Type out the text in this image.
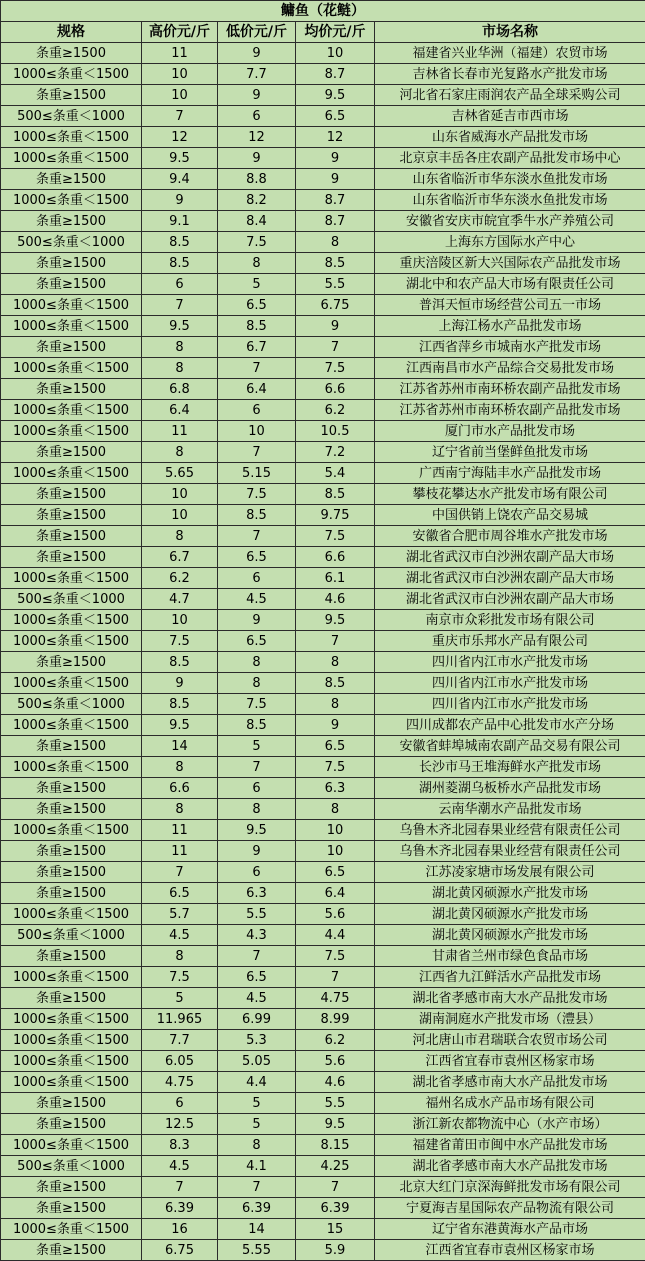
鳙鱼（花鲢）				
规格	高价元/斤	低价元/斤	均价元/斤	市场名称
条重≥1500	11	9	10	福建省兴业华洲（福建）农贸市场
1000≤条重＜1500	10	7.7	8.7	吉林省长春市光复路水产批发市场
条重≥1500	10	9	9.5	河北省石家庄雨润农产品全球采购公司
500≤条重＜1000	7	6	6.5	吉林省延吉市西市场
1000≤条重＜1500	12	12	12	山东省威海水产品批发市场
1000≤条重＜1500	9.5	9	9	北京京丰岳各庄农副产品批发市场中心
条重≥1500	9.4	8.8	9	山东省临沂市华东淡水鱼批发市场
1000≤条重＜1500	9	8.2	8.7	山东省临沂市华东淡水鱼批发市场
条重≥1500	9.1	8.4	8.7	安徽省安庆市皖宜季牛水产养殖公司
500≤条重＜1000	8.5	7.5	8	上海东方国际水产中心
条重≥1500	8.5	8	8.5	重庆涪陵区新大兴国际农产品批发市场
条重≥1500	6	5	5.5	湖北中和农产品大市场有限责任公司
1000≤条重＜1500	7	6.5	6.75	普洱天恒市场经营公司五一市场
1000≤条重＜1500	9.5	8.5	9	上海江杨水产品批发市场
条重≥1500	8	6.7	7	江西省萍乡市城南水产批发市场
1000≤条重＜1500	8	7	7.5	江西南昌市水产品综合交易批发市场
条重≥1500	6.8	6.4	6.6	江苏省苏州市南环桥农副产品批发市场
1000≤条重＜1500	6.4	6	6.2	江苏省苏州市南环桥农副产品批发市场
1000≤条重＜1500	11	10	10.5	厦门市水产品批发市场
条重≥1500	8	7	7.2	辽宁省前当堡鲜鱼批发市场
1000≤条重＜1500	5.65	5.15	5.4	广西南宁海陆丰水产品批发市场
条重≥1500	10	7.5	8.5	攀枝花攀达水产批发市场有限公司
条重≥1500	10	8.5	9.75	中国供销上饶农产品交易城
条重≥1500	8	7	7.5	安徽省合肥市周谷堆水产批发市场
条重≥1500	6.7	6.5	6.6	湖北省武汉市白沙洲农副产品大市场
1000≤条重＜1500	6.2	6	6.1	湖北省武汉市白沙洲农副产品大市场
500≤条重＜1000	4.7	4.5	4.6	湖北省武汉市白沙洲农副产品大市场
1000≤条重＜1500	10	9	9.5	南京市众彩批发市场有限公司
1000≤条重＜1500	7.5	6.5	7	重庆市乐邦水产品有限公司
条重≥1500	8.5	8	8	四川省内江市水产批发市场
1000≤条重＜1500	9	8	8.5	四川省内江市水产批发市场
500≤条重＜1000	8.5	7.5	8	四川省内江市水产批发市场
1000≤条重＜1500	9.5	8.5	9	四川成都农产品中心批发市水产分场
条重≥1500	14	5	6.5	安徽省蚌埠城南农副产品交易有限公司
1000≤条重＜1500	8	7	7.5	长沙市马王堆海鲜水产批发市场
条重≥1500	6.6	6	6.3	湖州菱湖乌板桥水产品批发市场
条重≥1500	8	8	8	云南华潮水产品批发市场
1000≤条重＜1500	11	9.5	10	乌鲁木齐北园春果业经营有限责任公司
条重≥1500	11	9	10	乌鲁木齐北园春果业经营有限责任公司
条重≥1500	7	6	6.5	江苏凌家塘市场发展有限公司
条重≥1500	6.5	6.3	6.4	湖北黄冈硕源水产批发市场
1000≤条重＜1500	5.7	5.5	5.6	湖北黄冈硕源水产批发市场
500≤条重＜1000	4.5	4.3	4.4	湖北黄冈硕源水产批发市场
条重≥1500	8	7	7.5	甘肃省兰州市绿色食品市场
1000≤条重＜1500	7.5	6.5	7	江西省九江鲜活水产品批发市场
条重≥1500	5	4.5	4.75	湖北省孝感市南大水产品批发市场
1000≤条重＜1500	11.965	6.99	8.99	湖南洞庭水产批发市场（澧县）
1000≤条重＜1500	7.7	5.3	6.2	河北唐山市君瑞联合农贸市场公司
1000≤条重＜1500	6.05	5.05	5.6	江西省宜春市袁州区杨家市场
1000≤条重＜1500	4.75	4.4	4.6	湖北省孝感市南大水产品批发市场
条重≥1500	6	5	5.5	福州名成水产品市场有限公司
条重≥1500	12.5	5	9.5	浙江新农都物流中心（水产市场）
1000≤条重＜1500	8.3	8	8.15	福建省莆田市闽中水产品批发市场
500≤条重＜1000	4.5	4.1	4.25	湖北省孝感市南大水产品批发市场
条重≥1500	7	7	7	北京大红门京深海鲜批发市场有限公司
条重≥1500	6.39	6.39	6.39	宁夏海吉星国际农产品物流有限公司
1000≤条重＜1500	16	14	15	辽宁省东港黄海水产品市场
条重≥1500	6.75	5.55	5.9	江西省宜春市袁州区杨家市场
